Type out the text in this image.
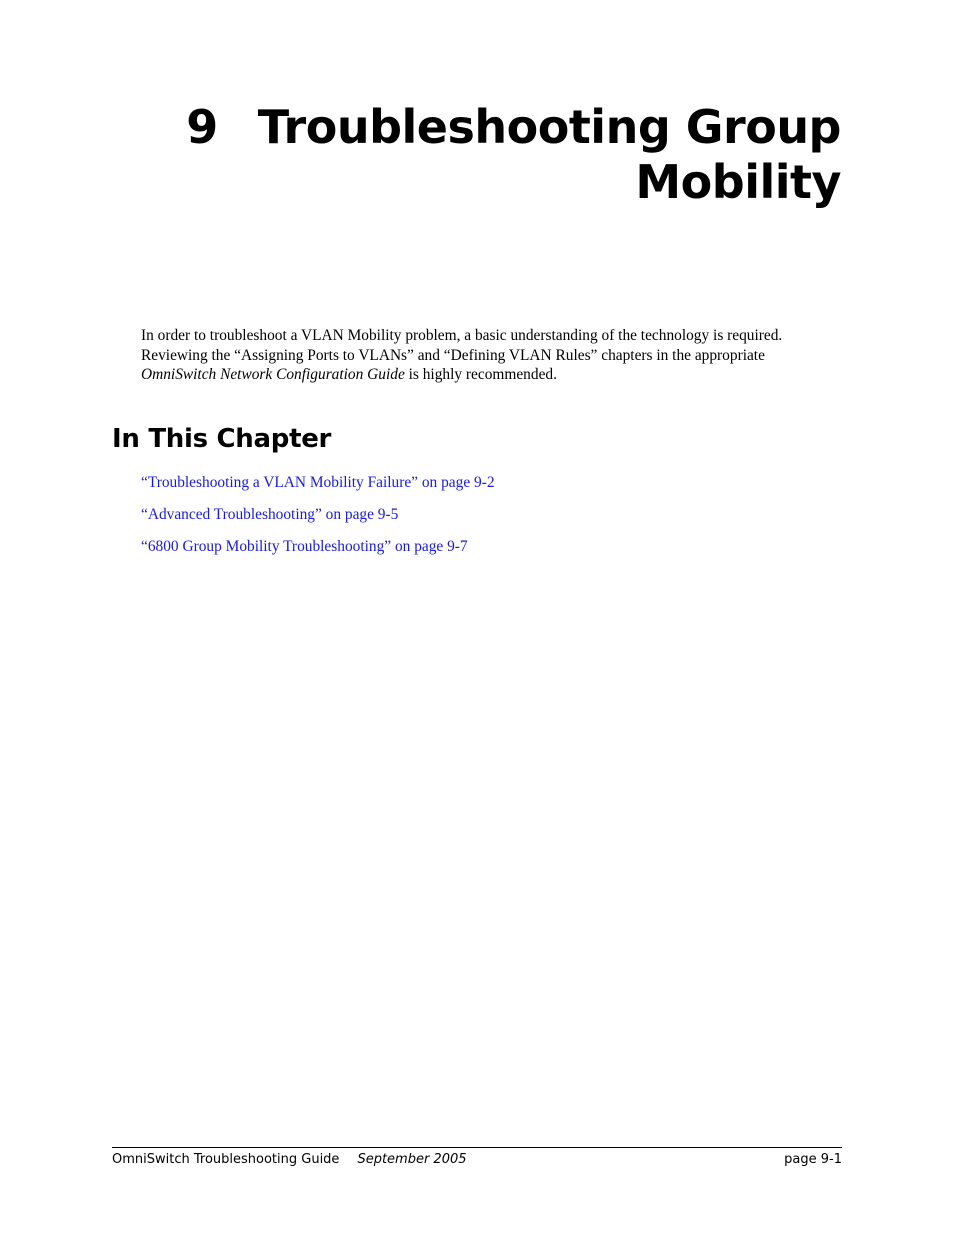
9 Troubleshooting Group
Mobility

In order to troubleshoot a VLAN Mobility problem, a basic understanding of the technology is required. Reviewing the “Assigning Ports to VLANs” and “Defining VLAN Rules” chapters in the appropriate OmniSwitch Network Configuration Guide is highly recommended.

In This Chapter
“Troubleshooting a VLAN Mobility Failure” on page 9-2
“Advanced Troubleshooting” on page 9-5
“6800 Group Mobility Troubleshooting” on page 9-7
OmniSwitch Troubleshooting Guide September 2005	page 9-1
